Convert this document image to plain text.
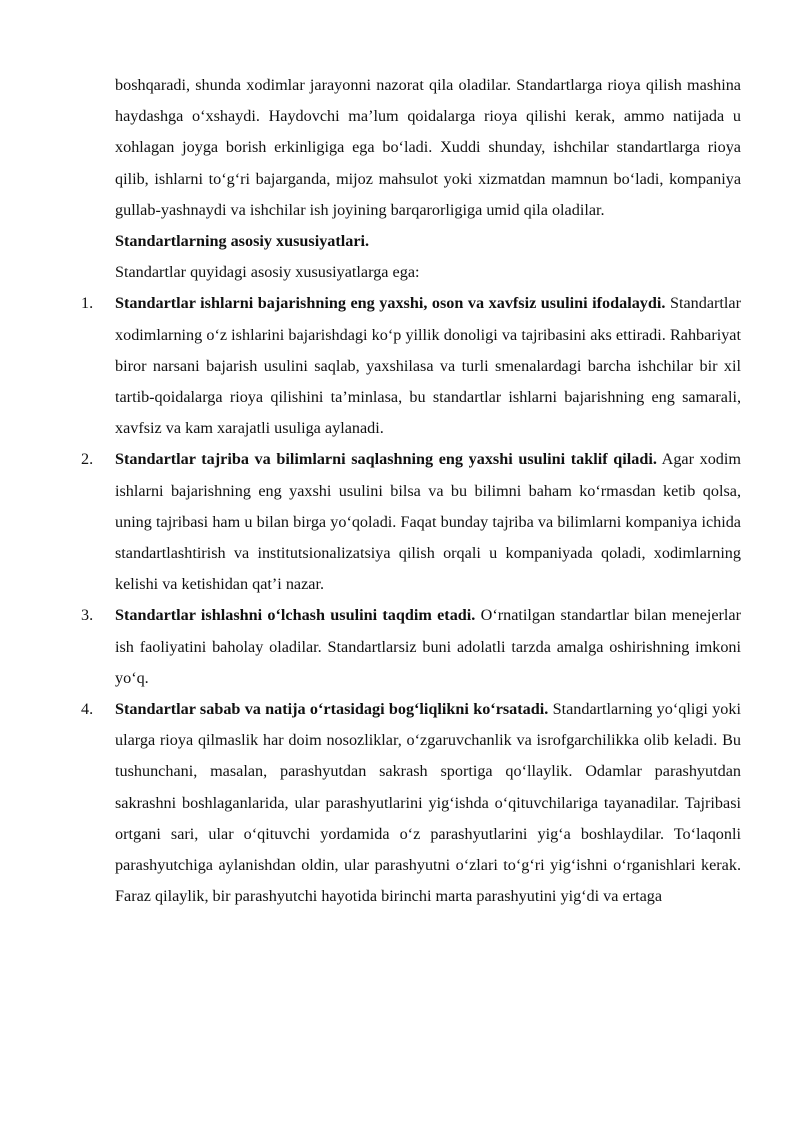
boshqaradi, shunda xodimlar jarayonni nazorat qila oladilar. Standartlarga rioya qilish mashina haydashga o‘xshaydi. Haydovchi ma’lum qoidalarga rioya qilishi kerak, ammo natijada u xohlagan joyga borish erkinligiga ega bo‘ladi. Xuddi shunday, ishchilar standartlarga rioya qilib, ishlarni to‘g‘ri bajarganda, mijoz mahsulot yoki xizmatdan mamnun bo‘ladi, kompaniya gullab-yashnaydi va ishchilar ish joyining barqarorligiga umid qila oladilar.

Standartlarning asosiy xususiyatlari.

Standartlar quyidagi asosiy xususiyatlarga ega:

1.	Standartlar ishlarni bajarishning eng yaxshi, oson va xavfsiz usulini ifodalaydi. Standartlar xodimlarning o‘z ishlarini bajarishdagi ko‘p yillik donoligi va tajribasini aks ettiradi. Rahbariyat biror narsani bajarish usulini saqlab, yaxshilasa va turli smenalardagi barcha ishchilar bir xil tartib-qoidalarga rioya qilishini ta’minlasa, bu standartlar ishlarni bajarishning eng samarali, xavfsiz va kam xarajatli usuliga aylanadi.
2.	Standartlar tajriba va bilimlarni saqlashning eng yaxshi usulini taklif qiladi. Agar xodim ishlarni bajarishning eng yaxshi usulini bilsa va bu bilimni baham ko‘rmasdan ketib qolsa, uning tajribasi ham u bilan birga yo‘qoladi. Faqat bunday tajriba va bilimlarni kompaniya ichida standartlashtirish va institutsionalizatsiya qilish orqali u kompaniyada qoladi, xodimlarning kelishi va ketishidan qat’i nazar.
3.	Standartlar ishlashni o‘lchash usulini taqdim etadi. O‘rnatilgan standartlar bilan menejerlar ish faoliyatini baholay oladilar. Standartlarsiz buni adolatli tarzda amalga oshirishning imkoni yo‘q.
4.	Standartlar sabab va natija o‘rtasidagi bog‘liqlikni ko‘rsatadi. Standartlarning yo‘qligi yoki ularga rioya qilmaslik har doim nosozliklar, o‘zgaruvchanlik va isrofgarchilikka olib keladi. Bu tushunchani, masalan, parashyutdan sakrash sportiga qo‘llaylik. Odamlar parashyutdan sakrashni boshlaganlarida, ular parashyutlarini yig‘ishda o‘qituvchilariga tayanadilar. Tajribasi ortgani sari, ular o‘qituvchi yordamida o‘z parashyutlarini yig‘a boshlaydilar. To‘laqonli parashyutchiga aylanishdan oldin, ular parashyutni o‘zlari to‘g‘ri yig‘ishni o‘rganishlari kerak. Faraz qilaylik, bir parashyutchi hayotida birinchi marta parashyutini yig‘di va ertaga
